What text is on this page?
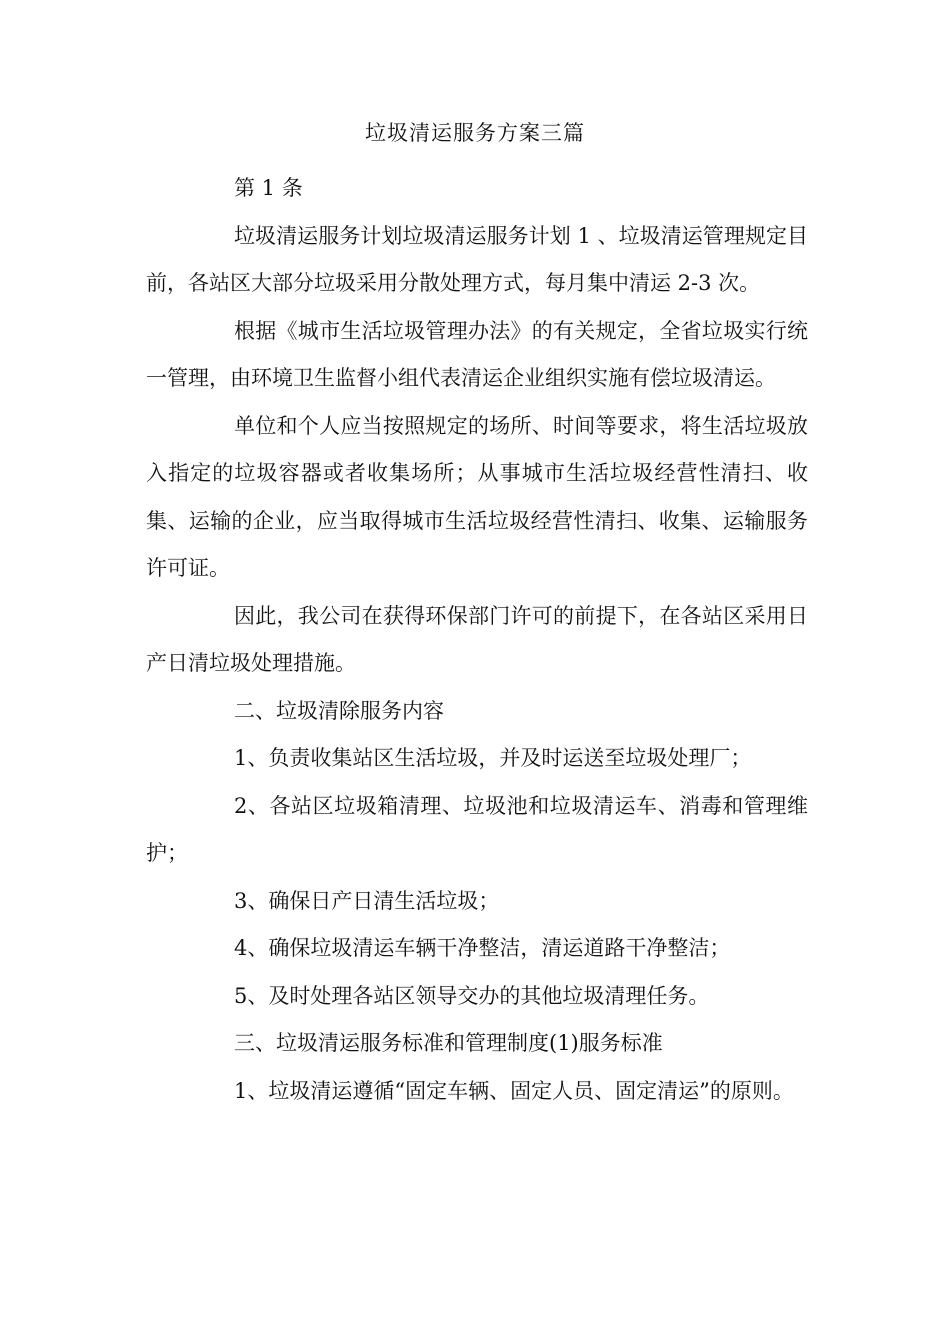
垃圾清运服务方案三篇

第 1 条

垃圾清运服务计划垃圾清运服务计划 1 、垃圾清运管理规定目前，各站区大部分垃圾采用分散处理方式，每月集中清运 2-3 次。

根据《城市生活垃圾管理办法》的有关规定，全省垃圾实行统一管理，由环境卫生监督小组代表清运企业组织实施有偿垃圾清运。

单位和个人应当按照规定的场所、时间等要求，将生活垃圾放入指定的垃圾容器或者收集场所；从事城市生活垃圾经营性清扫、收集、运输的企业，应当取得城市生活垃圾经营性清扫、收集、运输服务许可证。

因此，我公司在获得环保部门许可的前提下，在各站区采用日产日清垃圾处理措施。

二、垃圾清除服务内容

1、负责收集站区生活垃圾，并及时运送至垃圾处理厂；

2、各站区垃圾箱清理、垃圾池和垃圾清运车、消毒和管理维护；

3、确保日产日清生活垃圾；

4、确保垃圾清运车辆干净整洁，清运道路干净整洁；

5、及时处理各站区领导交办的其他垃圾清理任务。

三、垃圾清运服务标准和管理制度(1)服务标准

1、垃圾清运遵循“固定车辆、固定人员、固定清运”的原则。
